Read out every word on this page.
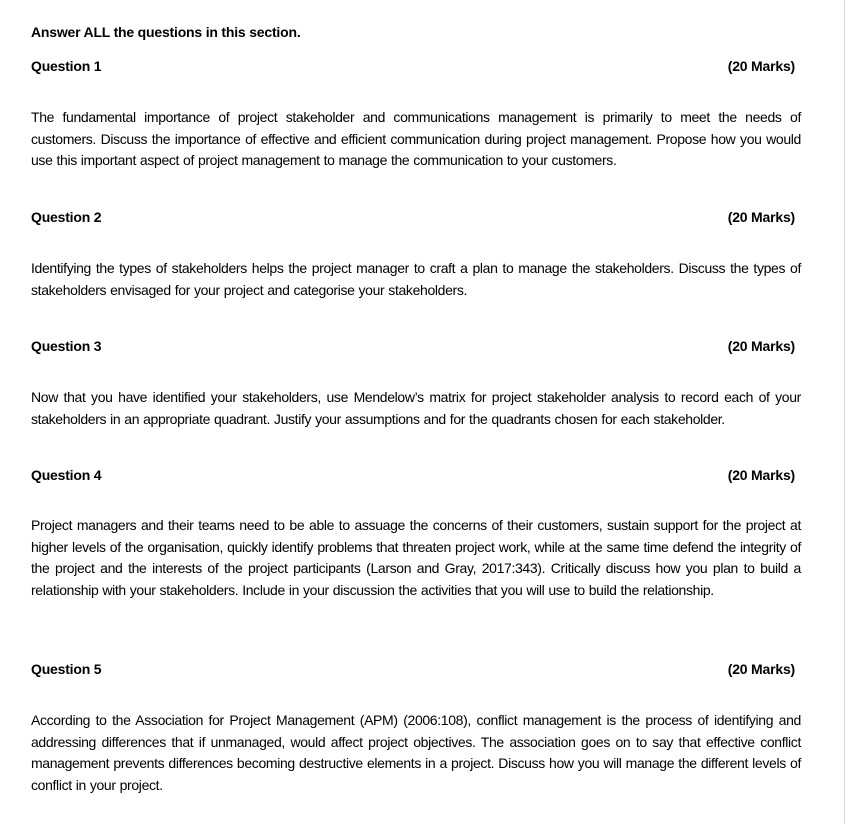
Answer ALL the questions in this section.
Question 1	(20 Marks)
The fundamental importance of project stakeholder and communications management is primarily to meet the needs of customers. Discuss the importance of effective and efficient communication during project management. Propose how you would use this important aspect of project management to manage the communication to your customers.
Question 2	(20 Marks)
Identifying the types of stakeholders helps the project manager to craft a plan to manage the stakeholders. Discuss the types of stakeholders envisaged for your project and categorise your stakeholders.
Question 3	(20 Marks)
Now that you have identified your stakeholders, use Mendelow’s matrix for project stakeholder analysis to record each of your stakeholders in an appropriate quadrant. Justify your assumptions and for the quadrants chosen for each stakeholder.
Question 4	(20 Marks)
Project managers and their teams need to be able to assuage the concerns of their customers, sustain support for the project at higher levels of the organisation, quickly identify problems that threaten project work, while at the same time defend the integrity of the project and the interests of the project participants (Larson and Gray, 2017:343). Critically discuss how you plan to build a relationship with your stakeholders. Include in your discussion the activities that you will use to build the relationship.
Question 5	(20 Marks)
According to the Association for Project Management (APM) (2006:108), conflict management is the process of identifying and addressing differences that if unmanaged, would affect project objectives. The association goes on to say that effective conflict management prevents differences becoming destructive elements in a project. Discuss how you will manage the different levels of conflict in your project.
